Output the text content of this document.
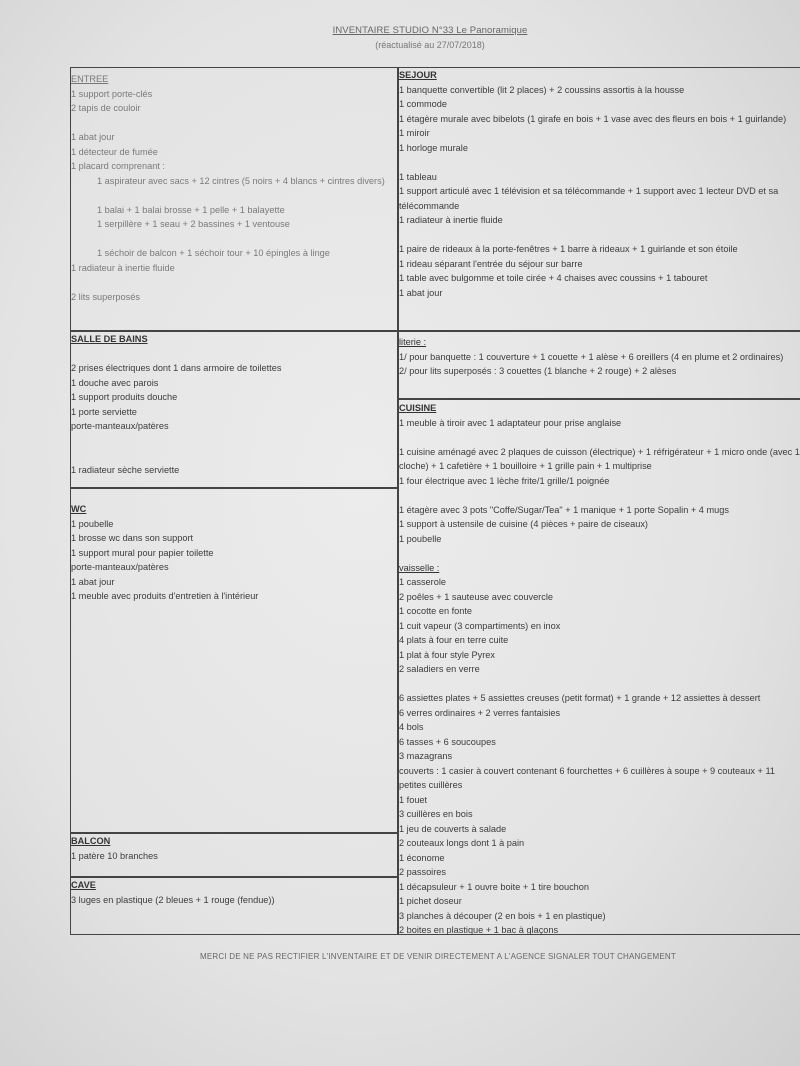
INVENTAIRE STUDIO N°33 Le Panoramique
(réactualisé au 27/07/2018)
ENTREE
1 support porte-clés
2 tapis de couloir
1 abat jour
1 détecteur de fumée
1 placard comprenant :
1 aspirateur avec sacs + 12 cintres (5 noirs + 4 blancs + cintres divers)
1 balai + 1 balai brosse + 1 pelle + 1 balayette
1 serpillère + 1 seau + 2 bassines + 1 ventouse
1 séchoir de balcon + 1 séchoir tour + 10 épingles à linge
1 radiateur à inertie fluide
2 lits superposés
SALLE DE BAINS
2 prises électriques dont 1 dans armoire de toilettes
1 douche avec parois
1 support produits douche
1 porte serviette
porte-manteaux/patères
1 radiateur sèche serviette
WC
1 poubelle
1 brosse wc dans son support
1 support mural pour papier toilette
porte-manteaux/patères
1 abat jour
1 meuble avec produits d'entretien à l'intérieur
BALCON
1 patère 10 branches
CAVE
3 luges en plastique (2 bleues + 1 rouge (fendue))
SEJOUR
1 banquette convertible (lit 2 places) + 2 coussins assortis à la housse
1 commode
1 étagère murale avec bibelots (1 girafe en bois + 1 vase avec des fleurs en bois + 1 guirlande)
1 miroir
1 horloge murale
1 tableau
1 support articulé avec 1 télévision et sa télécommande + 1 support avec 1 lecteur DVD et sa télécommande
1 radiateur à inertie fluide
1 paire de rideaux à la porte-fenêtres + 1 barre à rideaux + 1 guirlande et son étoile
1 rideau séparant l'entrée du séjour sur barre
1 table avec bulgomme et toile cirée + 4 chaises avec coussins + 1 tabouret
1 abat jour
literie :
1/ pour banquette : 1 couverture + 1 couette + 1 alèse + 6 oreillers (4 en plume et 2 ordinaires)
2/ pour lits superposés : 3 couettes (1 blanche + 2 rouge) + 2 alèses
CUISINE
1 meuble à tiroir avec 1 adaptateur pour prise anglaise
1 cuisine aménagé avec 2 plaques de cuisson (électrique) + 1 réfrigérateur + 1 micro onde (avec 1 cloche) + 1 cafetière + 1 bouilloire + 1 grille pain + 1 multiprise
1 four électrique avec 1 lèche frite/1 grille/1 poignée
1 étagère avec 3 pots "Coffe/Sugar/Tea" + 1 manique + 1 porte Sopalin + 4 mugs
1 support à ustensile de cuisine (4 pièces + paire de ciseaux)
1 poubelle
vaisselle :
1 casserole
2 poêles + 1 sauteuse avec couvercle
1 cocotte en fonte
1 cuit vapeur (3 compartiments) en inox
4 plats à four en terre cuite
1 plat à four style Pyrex
2 saladiers en verre
6 assiettes plates + 5 assiettes creuses (petit format) + 1 grande + 12 assiettes à dessert
6 verres ordinaires + 2 verres fantaisies
4 bols
6 tasses + 6 soucoupes
3 mazagrans
couverts : 1 casier à couvert contenant 6 fourchettes + 6 cuillères à soupe + 9 couteaux + 11 petites cuillères
1 fouet
3 cuillères en bois
1 jeu de couverts à salade
2 couteaux longs dont 1 à pain
1 économe
2 passoires
1 décapsuleur + 1 ouvre boite + 1 tire bouchon
1 pichet doseur
3 planches à découper (2 en bois + 1 en plastique)
2 boites en plastique + 1 bac à glaçons
MERCI DE NE PAS RECTIFIER L'INVENTAIRE ET DE VENIR DIRECTEMENT A L'AGENCE SIGNALER TOUT CHANGEMENT
